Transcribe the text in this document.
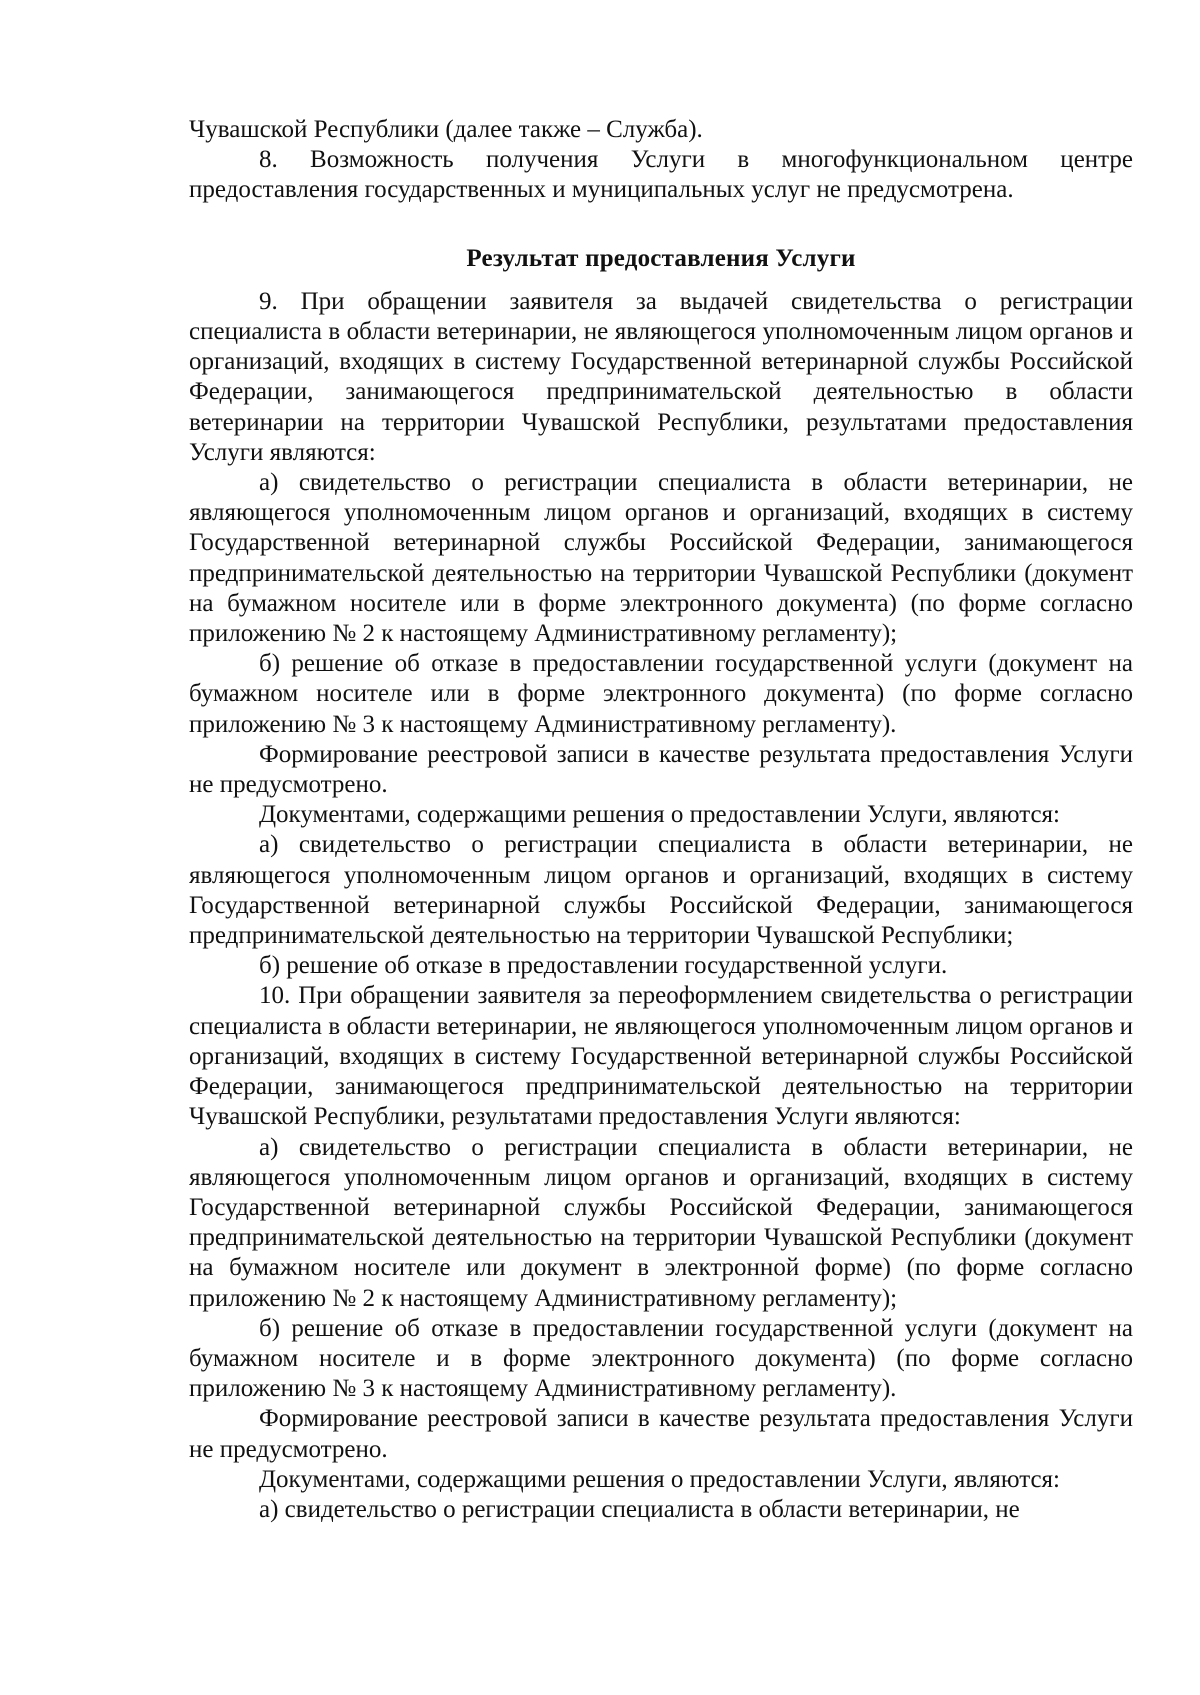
Чувашской Республики (далее также – Служба).

8. Возможность получения Услуги в многофункциональном центре предоставления государственных и муниципальных услуг не предусмотрена.

Результат предоставления Услуги

9. При обращении заявителя за выдачей свидетельства о регистрации специалиста в области ветеринарии, не являющегося уполномоченным лицом органов и организаций, входящих в систему Государственной ветеринарной службы Российской Федерации, занимающегося предпринимательской деятельностью в области ветеринарии на территории Чувашской Республики, результатами предоставления Услуги являются:

а) свидетельство о регистрации специалиста в области ветеринарии, не являющегося уполномоченным лицом органов и организаций, входящих в систему Государственной ветеринарной службы Российской Федерации, занимающегося предпринимательской деятельностью на территории Чувашской Республики (документ на бумажном носителе или в форме электронного документа) (по форме согласно приложению № 2 к настоящему Административному регламенту);

б) решение об отказе в предоставлении государственной услуги (документ на бумажном носителе или в форме электронного документа) (по форме согласно приложению № 3 к настоящему Административному регламенту).

Формирование реестровой записи в качестве результата предоставления Услуги не предусмотрено.

Документами, содержащими решения о предоставлении Услуги, являются:

а) свидетельство о регистрации специалиста в области ветеринарии, не являющегося уполномоченным лицом органов и организаций, входящих в систему Государственной ветеринарной службы Российской Федерации, занимающегося предпринимательской деятельностью на территории Чувашской Республики;

б) решение об отказе в предоставлении государственной услуги.

10. При обращении заявителя за переоформлением свидетельства о регистрации специалиста в области ветеринарии, не являющегося уполномоченным лицом органов и организаций, входящих в систему Государственной ветеринарной службы Российской Федерации, занимающегося предпринимательской деятельностью на территории Чувашской Республики, результатами предоставления Услуги являются:

а) свидетельство о регистрации специалиста в области ветеринарии, не являющегося уполномоченным лицом органов и организаций, входящих в систему Государственной ветеринарной службы Российской Федерации, занимающегося предпринимательской деятельностью на территории Чувашской Республики (документ на бумажном носителе или документ в электронной форме) (по форме согласно приложению № 2 к настоящему Административному регламенту);

б) решение об отказе в предоставлении государственной услуги (документ на бумажном носителе и в форме электронного документа) (по форме согласно приложению № 3 к настоящему Административному регламенту).

Формирование реестровой записи в качестве результата предоставления Услуги не предусмотрено.

Документами, содержащими решения о предоставлении Услуги, являются:

а) свидетельство о регистрации специалиста в области ветеринарии, не
